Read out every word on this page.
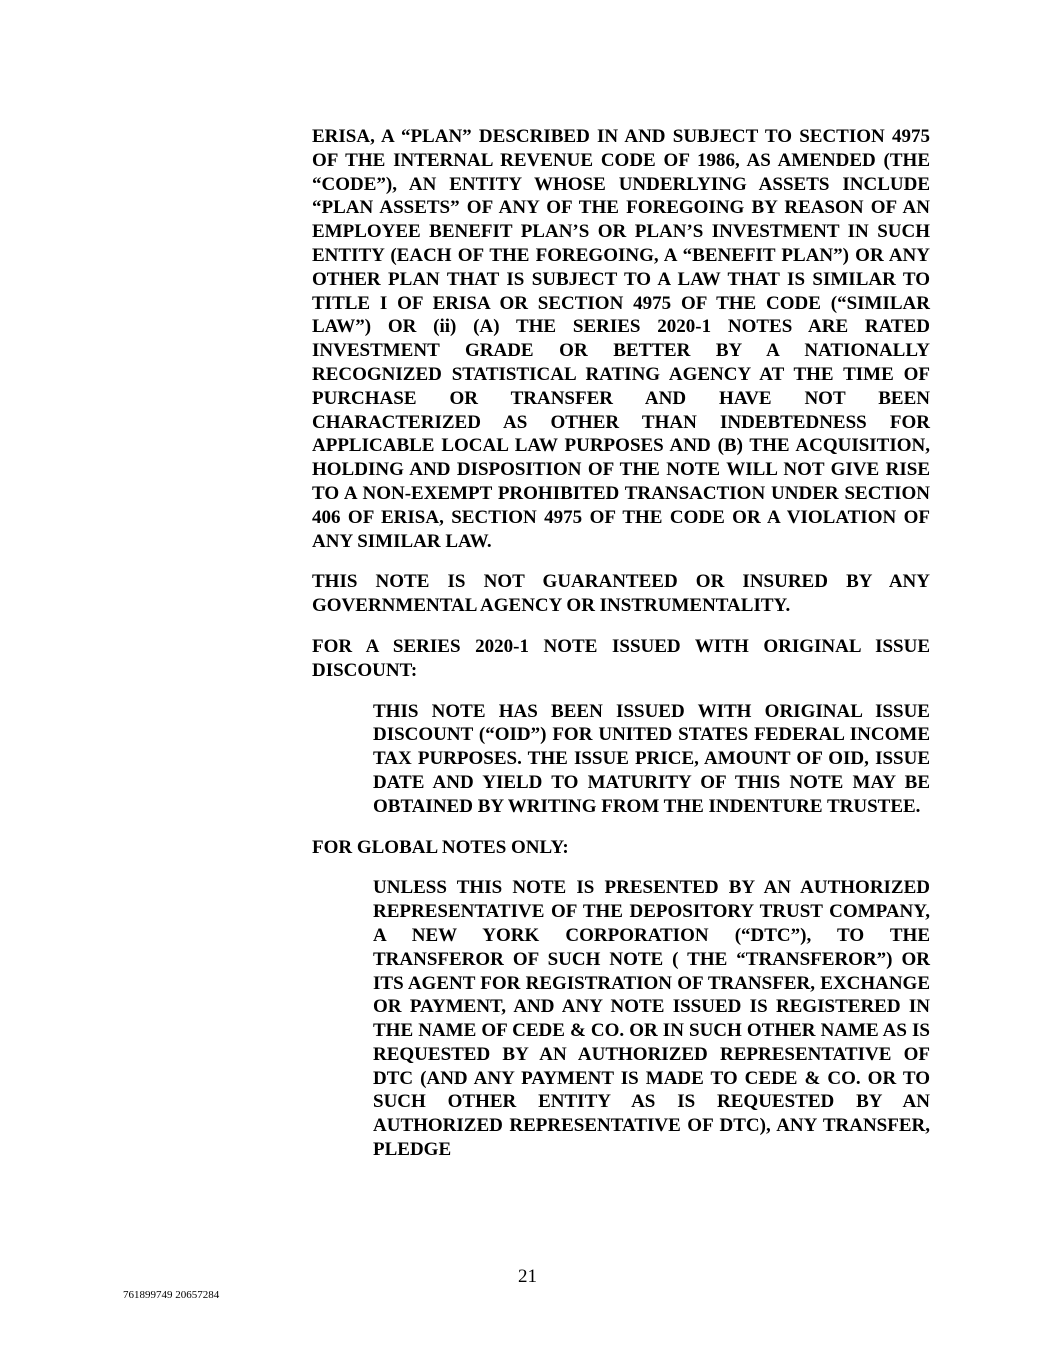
ERISA, A “PLAN” DESCRIBED IN AND SUBJECT TO SECTION 4975 OF THE INTERNAL REVENUE CODE OF 1986, AS AMENDED (THE “CODE”), AN ENTITY WHOSE UNDERLYING ASSETS INCLUDE “PLAN ASSETS” OF ANY OF THE FOREGOING BY REASON OF AN EMPLOYEE BENEFIT PLAN’S OR PLAN’S INVESTMENT IN SUCH ENTITY (EACH OF THE FOREGOING, A “BENEFIT PLAN”) OR ANY OTHER PLAN THAT IS SUBJECT TO A LAW THAT IS SIMILAR TO TITLE I OF ERISA OR SECTION 4975 OF THE CODE (“SIMILAR LAW”) OR (ii) (A) THE SERIES 2020-1 NOTES ARE RATED INVESTMENT GRADE OR BETTER BY A NATIONALLY RECOGNIZED STATISTICAL RATING AGENCY AT THE TIME OF PURCHASE OR TRANSFER AND HAVE NOT BEEN CHARACTERIZED AS OTHER THAN INDEBTEDNESS FOR APPLICABLE LOCAL LAW PURPOSES AND (B) THE ACQUISITION, HOLDING AND DISPOSITION OF THE NOTE WILL NOT GIVE RISE TO A NON-EXEMPT PROHIBITED TRANSACTION UNDER SECTION 406 OF ERISA, SECTION 4975 OF THE CODE OR A VIOLATION OF ANY SIMILAR LAW.

THIS NOTE IS NOT GUARANTEED OR INSURED BY ANY GOVERNMENTAL AGENCY OR INSTRUMENTALITY.

FOR A SERIES 2020-1 NOTE ISSUED WITH ORIGINAL ISSUE DISCOUNT:

THIS NOTE HAS BEEN ISSUED WITH ORIGINAL ISSUE DISCOUNT (“OID”) FOR UNITED STATES FEDERAL INCOME TAX PURPOSES. THE ISSUE PRICE, AMOUNT OF OID, ISSUE DATE AND YIELD TO MATURITY OF THIS NOTE MAY BE OBTAINED BY WRITING FROM THE INDENTURE TRUSTEE.

FOR GLOBAL NOTES ONLY:

UNLESS THIS NOTE IS PRESENTED BY AN AUTHORIZED REPRESENTATIVE OF THE DEPOSITORY TRUST COMPANY, A NEW YORK CORPORATION (“DTC”), TO THE TRANSFEROR OF SUCH NOTE ( THE “TRANSFEROR”) OR ITS AGENT FOR REGISTRATION OF TRANSFER, EXCHANGE OR PAYMENT, AND ANY NOTE ISSUED IS REGISTERED IN THE NAME OF CEDE & CO. OR IN SUCH OTHER NAME AS IS REQUESTED BY AN AUTHORIZED REPRESENTATIVE OF DTC (AND ANY PAYMENT IS MADE TO CEDE & CO. OR TO SUCH OTHER ENTITY AS IS REQUESTED BY AN AUTHORIZED REPRESENTATIVE OF DTC), ANY TRANSFER, PLEDGE

21
761899749 20657284
